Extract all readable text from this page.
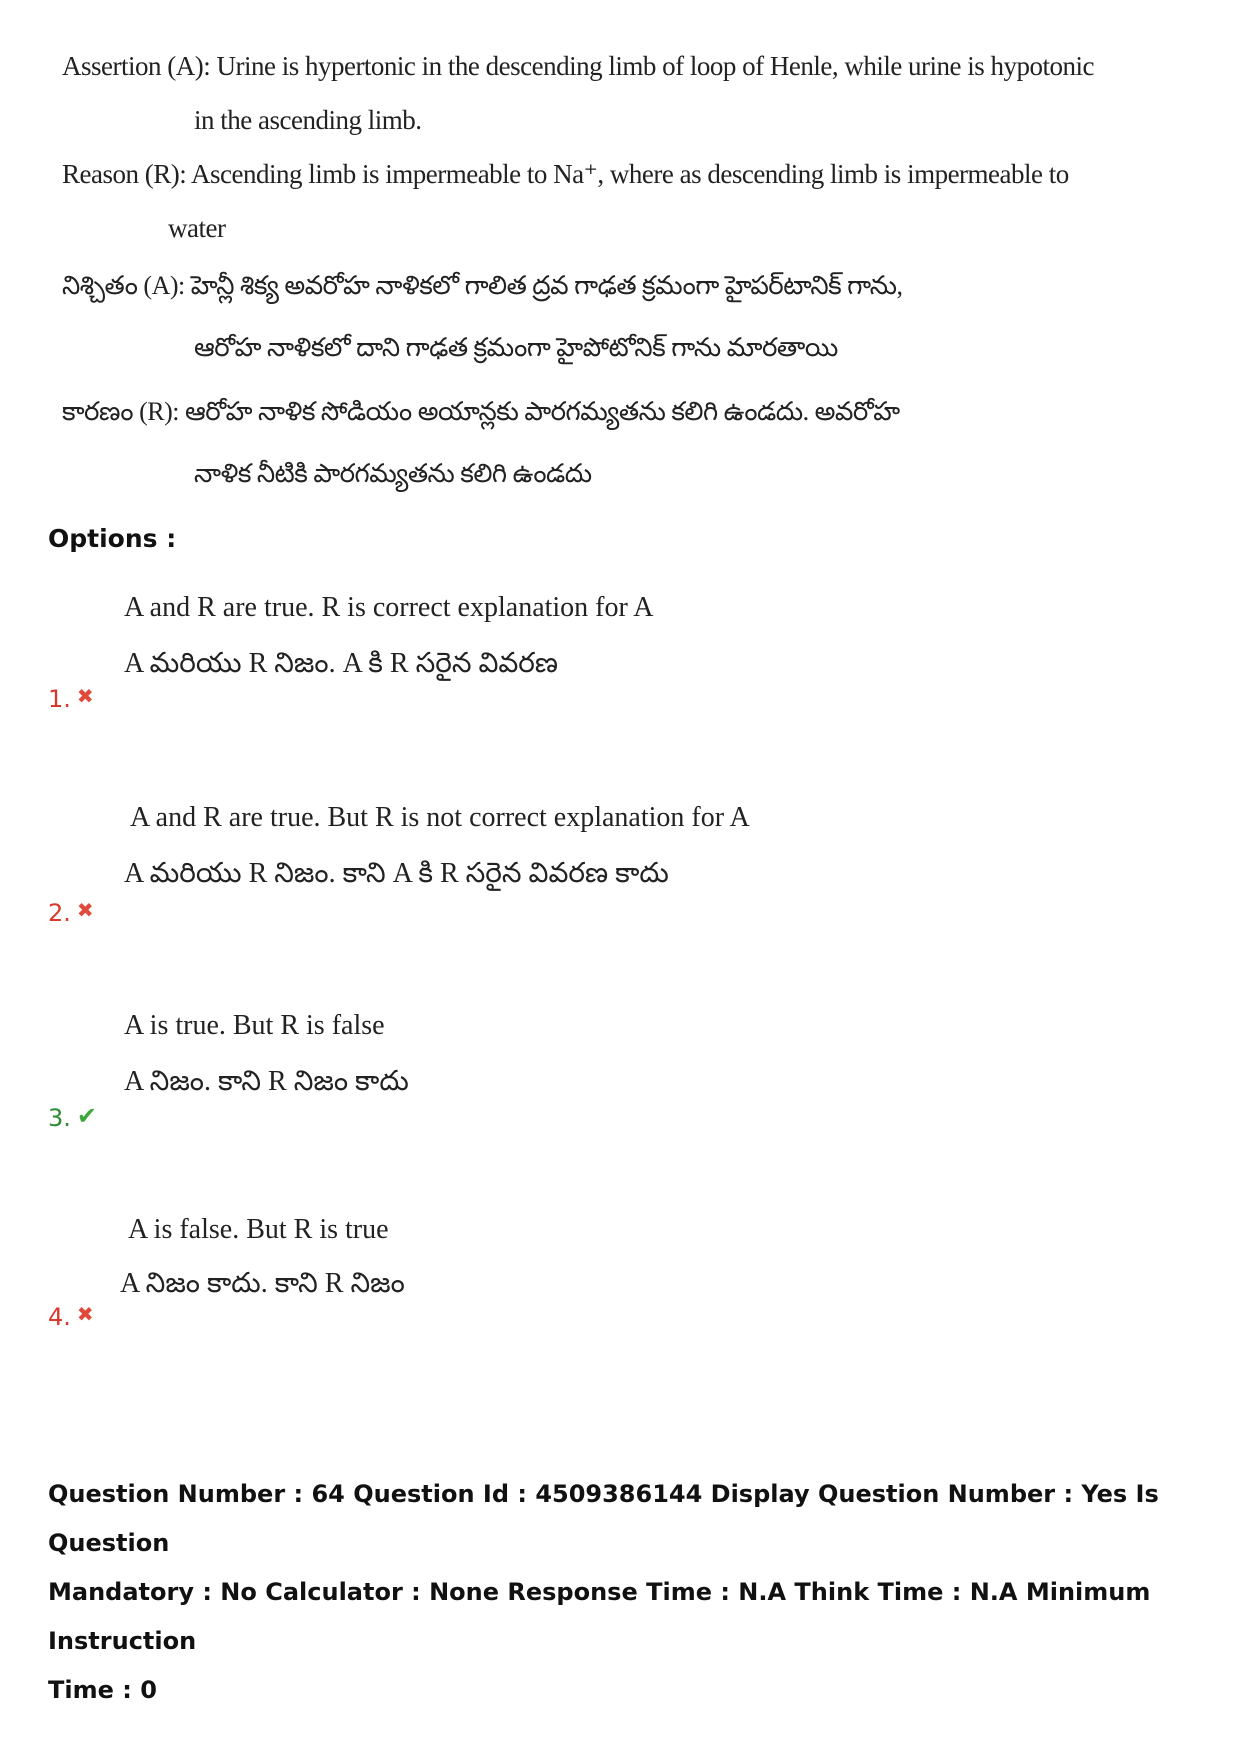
Assertion (A): Urine is hypertonic in the descending limb of loop of Henle, while urine is hypotonic
in the ascending limb.
Reason (R): Ascending limb is impermeable to Na⁺, where as descending limb is impermeable to
water
నిశ్చితం (A): హెన్లీ శిక్య అవరోహ నాళికలో గాలిత ద్రవ గాఢత క్రమంగా హైపర్‌టానిక్ గాను,
ఆరోహ నాళికలో దాని గాఢత క్రమంగా హైపోటోనిక్ గాను మారతాయి
కారణం (R): ఆరోహ నాళిక సోడియం అయాన్లకు పారగమ్యతను కలిగి ఉండదు. అవరోహ
నాళిక నీటికి పారగమ్యతను కలిగి ఉండదు
Options :
A and R are true. R is correct explanation for A
A మరియు R నిజం. A కి R సరైన వివరణ
1. ✖
A and R are true. But R is not correct explanation for A
A మరియు R నిజం. కాని A కి R సరైన వివరణ కాదు
2. ✖
A is true. But R is false
A నిజం. కాని R నిజం కాదు
3. ✔
A is false. But R is true
A నిజం కాదు. కాని R నిజం
4. ✖
Question Number : 64 Question Id : 4509386144 Display Question Number : Yes Is Question
Mandatory : No Calculator : None Response Time : N.A Think Time : N.A Minimum Instruction
Time : 0
